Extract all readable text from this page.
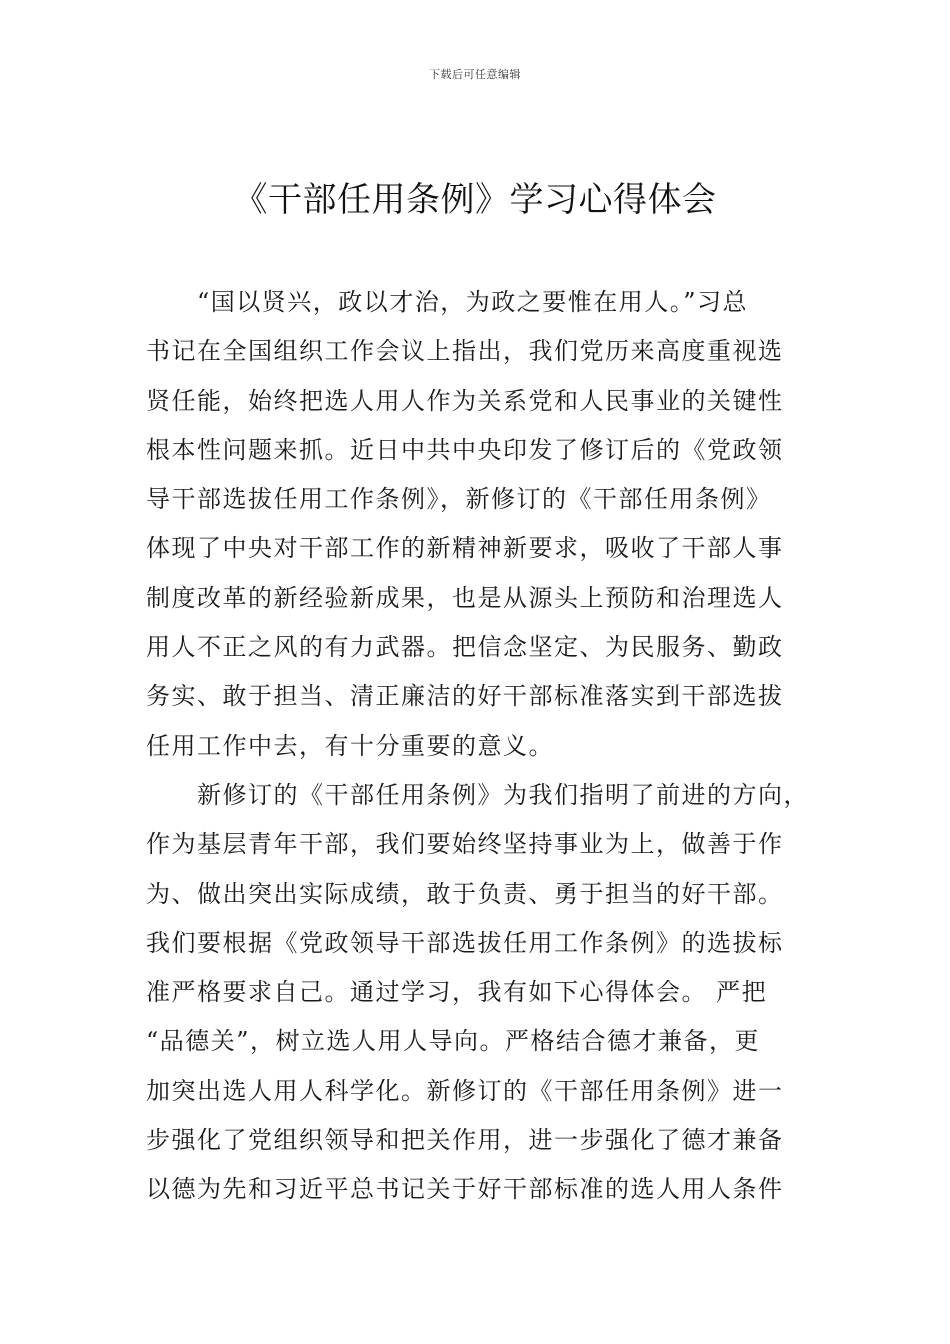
下载后可任意编辑
《干部任用条例》学习心得体会
“国以贤兴，政以才治，为政之要惟在用人。”习总
书记在全国组织工作会议上指出，我们党历来高度重视选
贤任能，始终把选人用人作为关系党和人民事业的关键性
根本性问题来抓。近日中共中央印发了修订后的《党政领
导干部选拔任用工作条例》，新修订的《干部任用条例》
体现了中央对干部工作的新精神新要求，吸收了干部人事
制度改革的新经验新成果，也是从源头上预防和治理选人
用人不正之风的有力武器。把信念坚定、为民服务、勤政
务实、敢于担当、清正廉洁的好干部标准落实到干部选拔
任用工作中去，有十分重要的意义。
新修订的《干部任用条例》为我们指明了前进的方向，
作为基层青年干部，我们要始终坚持事业为上，做善于作
为、做出突出实际成绩，敢于负责、勇于担当的好干部。
我们要根据《党政领导干部选拔任用工作条例》的选拔标
准严格要求自己。通过学习，我有如下心得体会。 严把
“品德关”，树立选人用人导向。严格结合德才兼备，更
加突出选人用人科学化。新修订的《干部任用条例》进一
步强化了党组织领导和把关作用，进一步强化了德才兼备
以德为先和习近平总书记关于好干部标准的选人用人条件
